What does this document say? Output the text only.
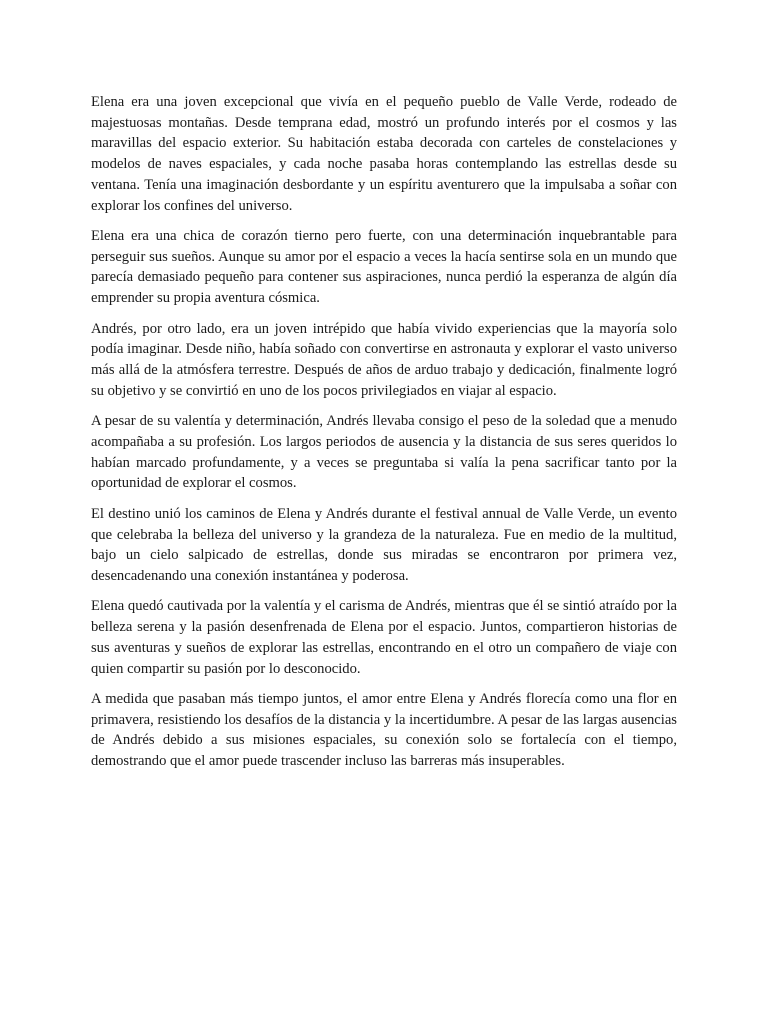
Elena era una joven excepcional que vivía en el pequeño pueblo de Valle Verde, rodeado de majestuosas montañas. Desde temprana edad, mostró un profundo interés por el cosmos y las maravillas del espacio exterior. Su habitación estaba decorada con carteles de constelaciones y modelos de naves espaciales, y cada noche pasaba horas contemplando las estrellas desde su ventana. Tenía una imaginación desbordante y un espíritu aventurero que la impulsaba a soñar con explorar los confines del universo.

Elena era una chica de corazón tierno pero fuerte, con una determinación inquebrantable para perseguir sus sueños. Aunque su amor por el espacio a veces la hacía sentirse sola en un mundo que parecía demasiado pequeño para contener sus aspiraciones, nunca perdió la esperanza de algún día emprender su propia aventura cósmica.

Andrés, por otro lado, era un joven intrépido que había vivido experiencias que la mayoría solo podía imaginar. Desde niño, había soñado con convertirse en astronauta y explorar el vasto universo más allá de la atmósfera terrestre. Después de años de arduo trabajo y dedicación, finalmente logró su objetivo y se convirtió en uno de los pocos privilegiados en viajar al espacio.

A pesar de su valentía y determinación, Andrés llevaba consigo el peso de la soledad que a menudo acompañaba a su profesión. Los largos periodos de ausencia y la distancia de sus seres queridos lo habían marcado profundamente, y a veces se preguntaba si valía la pena sacrificar tanto por la oportunidad de explorar el cosmos.

El destino unió los caminos de Elena y Andrés durante el festival annual de Valle Verde, un evento que celebraba la belleza del universo y la grandeza de la naturaleza. Fue en medio de la multitud, bajo un cielo salpicado de estrellas, donde sus miradas se encontraron por primera vez, desencadenando una conexión instantánea y poderosa.

Elena quedó cautivada por la valentía y el carisma de Andrés, mientras que él se sintió atraído por la belleza serena y la pasión desenfrenada de Elena por el espacio. Juntos, compartieron historias de sus aventuras y sueños de explorar las estrellas, encontrando en el otro un compañero de viaje con quien compartir su pasión por lo desconocido.

A medida que pasaban más tiempo juntos, el amor entre Elena y Andrés florecía como una flor en primavera, resistiendo los desafíos de la distancia y la incertidumbre. A pesar de las largas ausencias de Andrés debido a sus misiones espaciales, su conexión solo se fortalecía con el tiempo, demostrando que el amor puede trascender incluso las barreras más insuperables.
